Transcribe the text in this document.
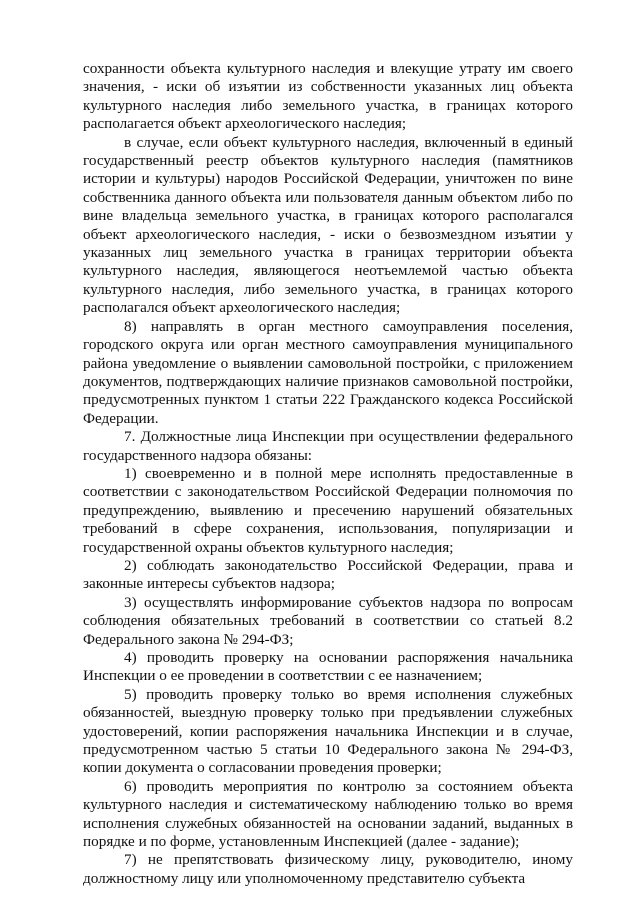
сохранности объекта культурного наследия и влекущие утрату им своего значения, - иски об изъятии из собственности указанных лиц объекта культурного наследия либо земельного участка, в границах которого располагается объект археологического наследия;

в случае, если объект культурного наследия, включенный в единый государственный реестр объектов культурного наследия (памятников истории и культуры) народов Российской Федерации, уничтожен по вине собственника данного объекта или пользователя данным объектом либо по вине владельца земельного участка, в границах которого располагался объект археологического наследия, - иски о безвозмездном изъятии у указанных лиц земельного участка в границах территории объекта культурного наследия, являющегося неотъемлемой частью объекта культурного наследия, либо земельного участка, в границах которого располагался объект археологического наследия;

8) направлять в орган местного самоуправления поселения, городского округа или орган местного самоуправления муниципального района уведомление о выявлении самовольной постройки, с приложением документов, подтверждающих наличие признаков самовольной постройки, предусмотренных пунктом 1 статьи 222 Гражданского кодекса Российской Федерации.

7. Должностные лица Инспекции при осуществлении федерального государственного надзора обязаны:

1) своевременно и в полной мере исполнять предоставленные в соответствии с законодательством Российской Федерации полномочия по предупреждению, выявлению и пресечению нарушений обязательных требований в сфере сохранения, использования, популяризации и государственной охраны объектов культурного наследия;

2) соблюдать законодательство Российской Федерации, права и законные интересы субъектов надзора;

3) осуществлять информирование субъектов надзора по вопросам соблюдения обязательных требований в соответствии со статьей 8.2 Федерального закона № 294-ФЗ;

4) проводить проверку на основании распоряжения начальника Инспекции о ее проведении в соответствии с ее назначением;

5) проводить проверку только во время исполнения служебных обязанностей, выездную проверку только при предъявлении служебных удостоверений, копии распоряжения начальника Инспекции и в случае, предусмотренном частью 5 статьи 10 Федерального закона № 294-ФЗ, копии документа о согласовании проведения проверки;

6) проводить мероприятия по контролю за состоянием объекта культурного наследия и систематическому наблюдению только во время исполнения служебных обязанностей на основании заданий, выданных в порядке и по форме, установленным Инспекцией (далее - задание);

7) не препятствовать физическому лицу, руководителю, иному должностному лицу или уполномоченному представителю субъекта
